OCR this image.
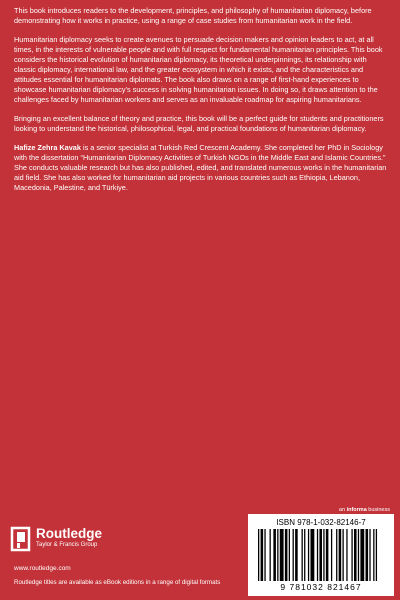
This book introduces readers to the development, principles, and philosophy of humanitarian diplomacy, before demonstrating how it works in practice, using a range of case studies from humanitarian work in the field.

Humanitarian diplomacy seeks to create avenues to persuade decision makers and opinion leaders to act, at all times, in the interests of vulnerable people and with full respect for fundamental humanitarian principles. This book considers the historical evolution of humanitarian diplomacy, its theoretical underpinnings, its relationship with classic diplomacy, international law, and the greater ecosystem in which it exists, and the characteristics and attitudes essential for humanitarian diplomats. The book also draws on a range of first-hand experiences to showcase humanitarian diplomacy’s success in solving humanitarian issues. In doing so, it draws attention to the challenges faced by humanitarian workers and serves as an invaluable roadmap for aspiring humanitarians.

Bringing an excellent balance of theory and practice, this book will be a perfect guide for students and practitioners looking to understand the historical, philosophical, legal, and practical foundations of humanitarian diplomacy.

Hafize Zehra Kavak is a senior specialist at Turkish Red Crescent Academy. She completed her PhD in Sociology with the dissertation “Humanitarian Diplomacy Activities of Turkish NGOs in the Middle East and Islamic Countries.” She conducts valuable research but has also published, edited, and translated numerous works in the humanitarian aid field. She has also worked for humanitarian aid projects in various countries such as Ethiopia, Lebanon, Macedonia, Palestine, and Türkiye.

an informa business
Routledge
Taylor & Francis Group
www.routledge.com
Routledge titles are available as eBook editions in a range of digital formats
ISBN 978-1-032-82146-7
9 781032 821467
